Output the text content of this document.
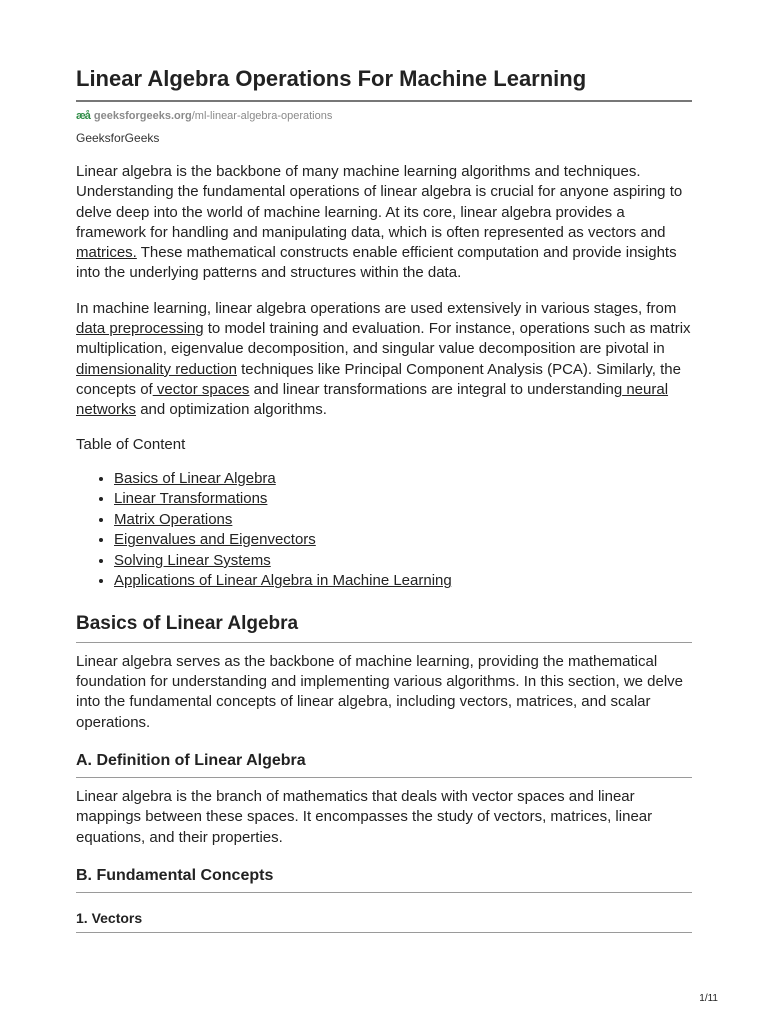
Linear Algebra Operations For Machine Learning
æå geeksforgeeks.org/ml-linear-algebra-operations
GeeksforGeeks

Linear algebra is the backbone of many machine learning algorithms and techniques. Understanding the fundamental operations of linear algebra is crucial for anyone aspiring to delve deep into the world of machine learning. At its core, linear algebra provides a framework for handling and manipulating data, which is often represented as vectors and matrices. These mathematical constructs enable efficient computation and provide insights into the underlying patterns and structures within the data.

In machine learning, linear algebra operations are used extensively in various stages, from data preprocessing to model training and evaluation. For instance, operations such as matrix multiplication, eigenvalue decomposition, and singular value decomposition are pivotal in dimensionality reduction techniques like Principal Component Analysis (PCA). Similarly, the concepts of vector spaces and linear transformations are integral to understanding neural networks and optimization algorithms.

Table of Content

• Basics of Linear Algebra
• Linear Transformations
• Matrix Operations
• Eigenvalues and Eigenvectors
• Solving Linear Systems
• Applications of Linear Algebra in Machine Learning
Basics of Linear Algebra

Linear algebra serves as the backbone of machine learning, providing the mathematical foundation for understanding and implementing various algorithms. In this section, we delve into the fundamental concepts of linear algebra, including vectors, matrices, and scalar operations.

A. Definition of Linear Algebra

Linear algebra is the branch of mathematics that deals with vector spaces and linear mappings between these spaces. It encompasses the study of vectors, matrices, linear equations, and their properties.

B. Fundamental Concepts
1. Vectors
1/11
